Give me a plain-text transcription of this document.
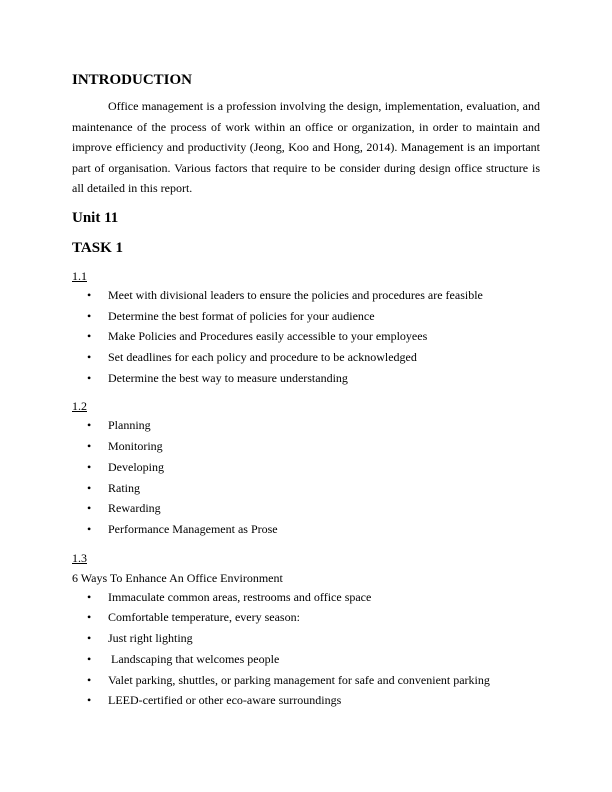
INTRODUCTION

Office management is a profession involving the design, implementation, evaluation, and maintenance of the process of work within an office or organization, in order to maintain and improve efficiency and productivity (Jeong, Koo and Hong, 2014). Management is an important part of organisation. Various factors that require to be consider during design office structure is all detailed in this report.

Unit 11
TASK 1
1.1
• Meet with divisional leaders to ensure the policies and procedures are feasible
• Determine the best format of policies for your audience
• Make Policies and Procedures easily accessible to your employees
• Set deadlines for each policy and procedure to be acknowledged
• Determine the best way to measure understanding
1.2
• Planning
• Monitoring
• Developing
• Rating
• Rewarding
• Performance Management as Prose
1.3
6 Ways To Enhance An Office Environment
• Immaculate common areas, restrooms and office space
• Comfortable temperature, every season:
• Just right lighting
• Landscaping that welcomes people
• Valet parking, shuttles, or parking management for safe and convenient parking
• LEED-certified or other eco-aware surroundings
